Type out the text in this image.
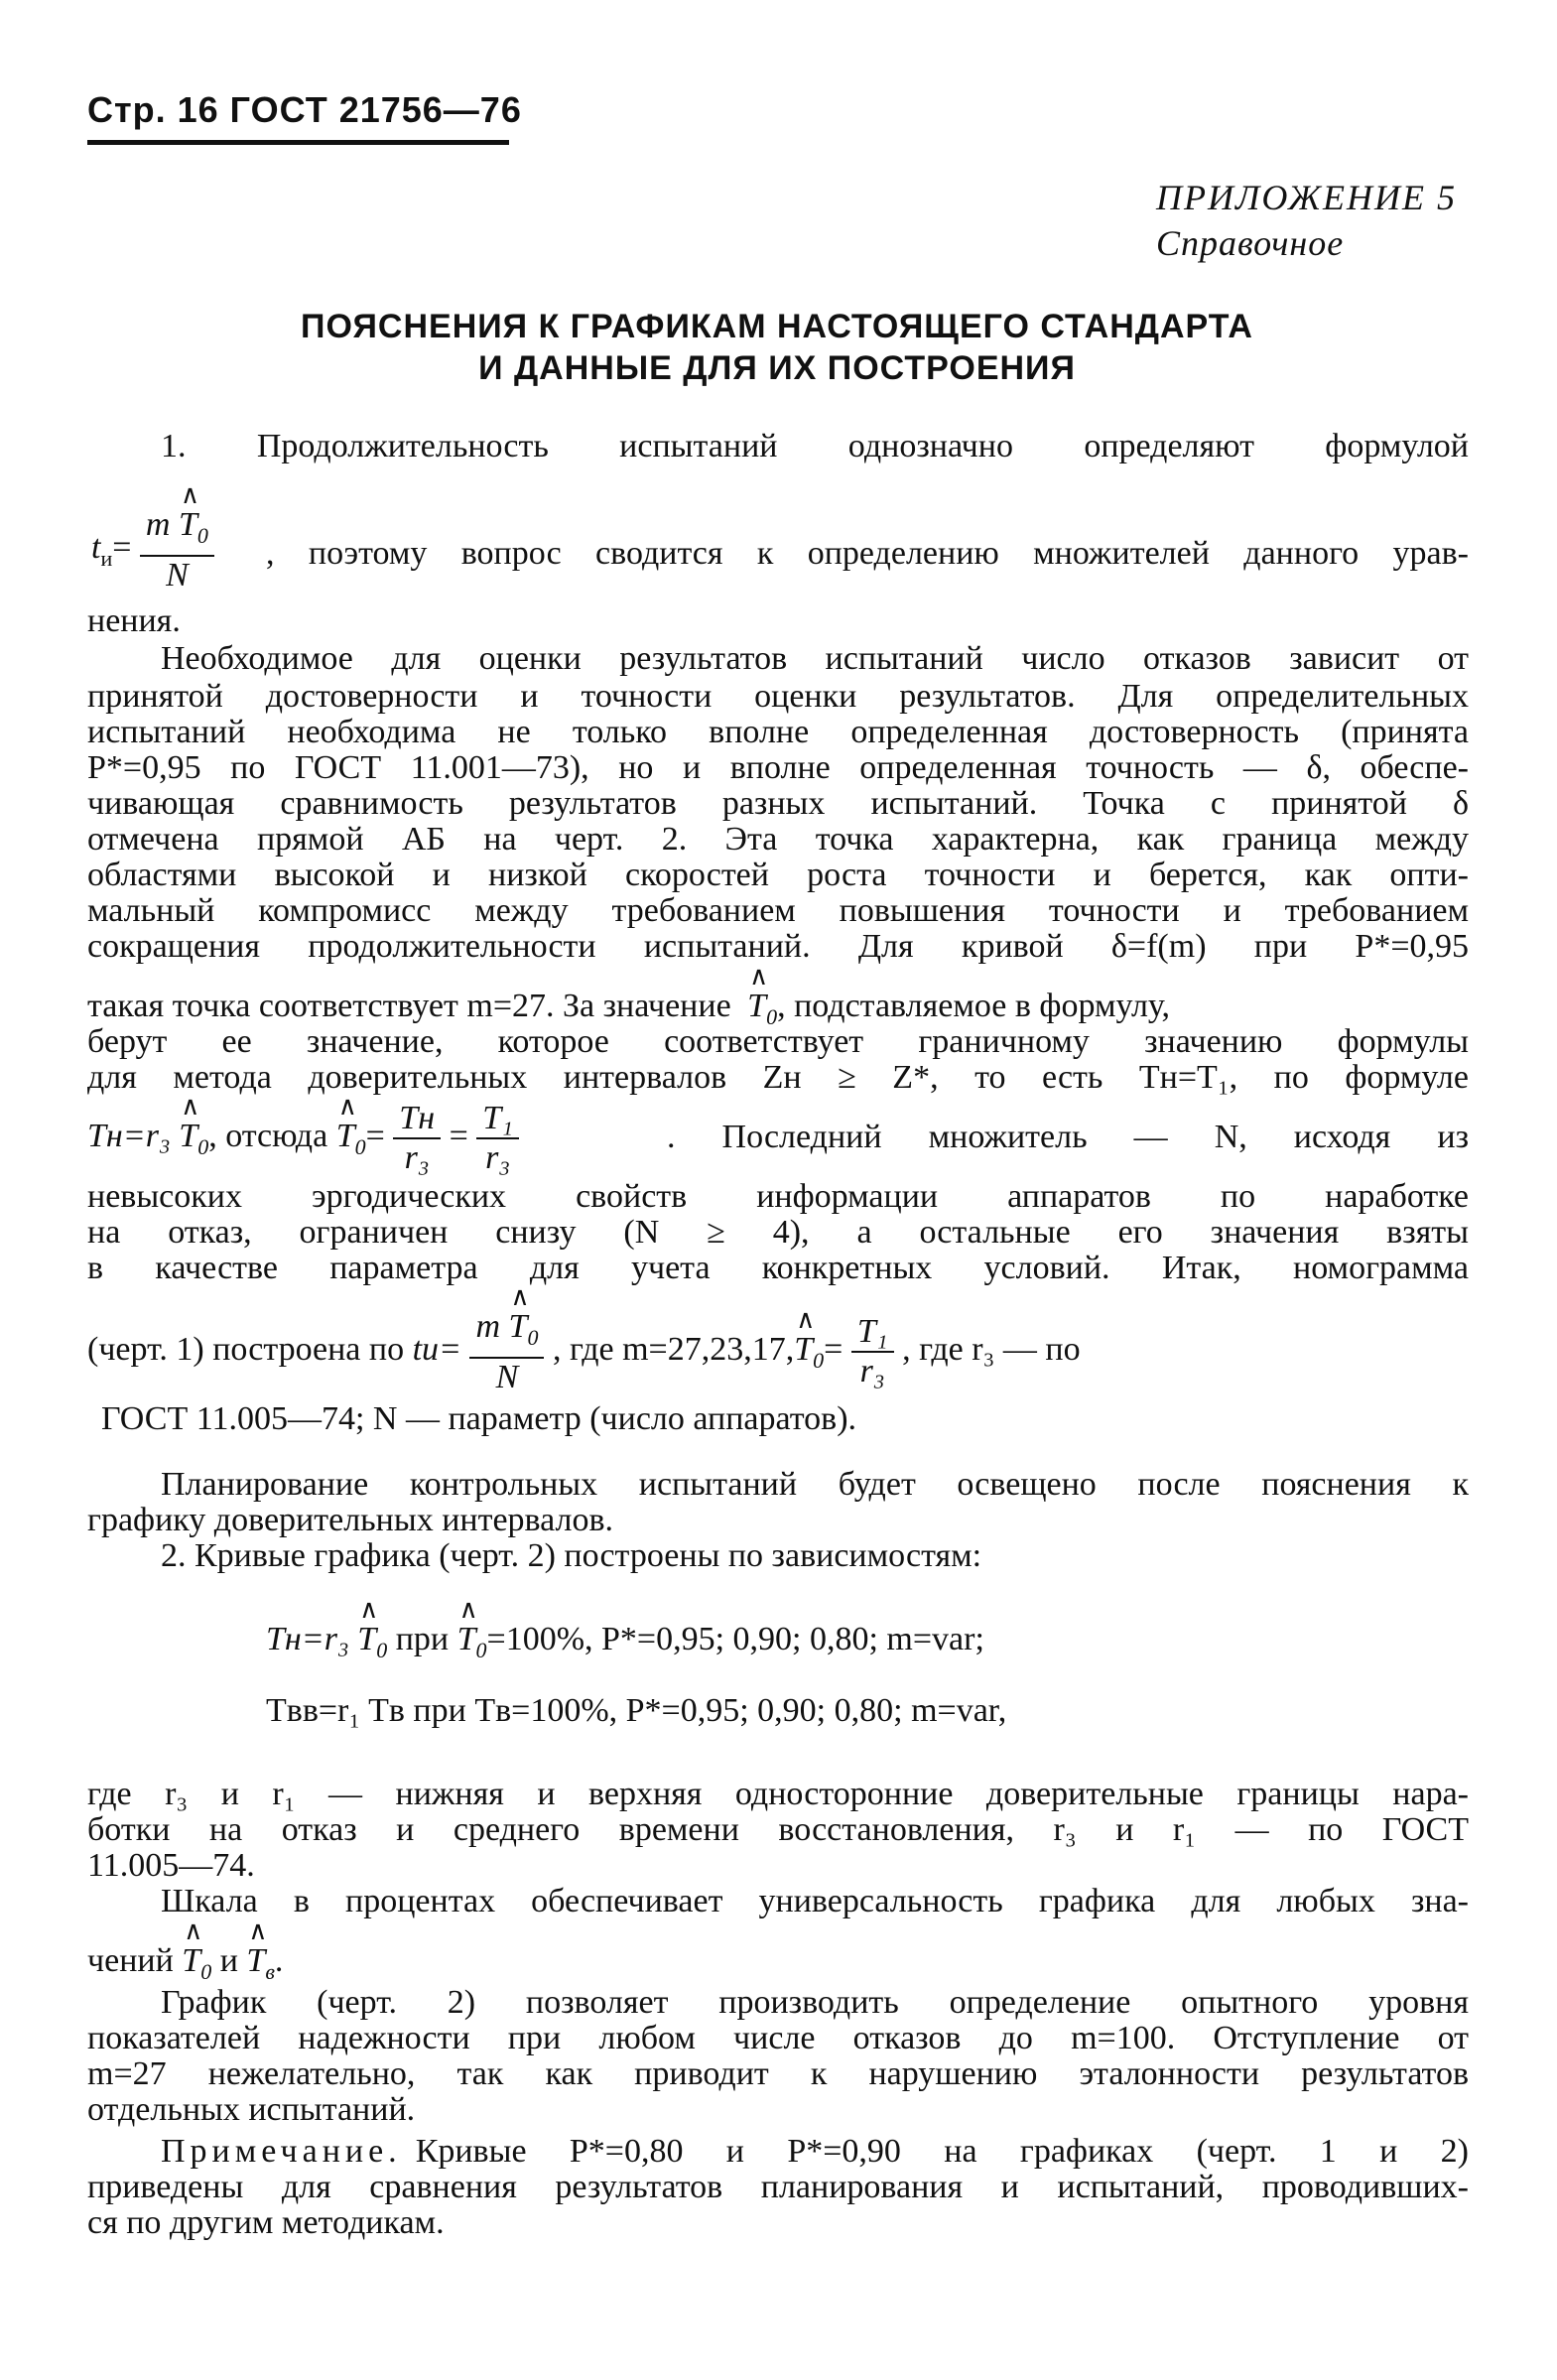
Стр. 16 ГОСТ 21756—76
ПРИЛОЖЕНИЕ 5
Справочное
ПОЯСНЕНИЯ К ГРАФИКАМ НАСТОЯЩЕГО СТАНДАРТА
И ДАННЫЕ ДЛЯ ИХ ПОСТРОЕНИЯ
1. Продолжительность испытаний однозначно определяют формулой
$t_и= \frac{m \wedge T_0}{N}$ , поэтому вопрос сводится к определению множителей данного урав-
нения.
Необходимое для оценки результатов испытаний число отказов зависит от
принятой достоверности и точности оценки результатов. Для определительных
испытаний необходима не только вполне определенная достоверность (принята
P*=0,95 по ГОСТ 11.001—73), но и вполне определенная точность — δ, обеспе-
чивающая сравнимость результатов разных испытаний. Точка с принятой δ
отмечена прямой АБ на черт. 2. Эта точка характерна, как граница между
областями высокой и низкой скоростей роста точности и берется, как опти-
мальный компромисс между требованием повышения точности и требованием
сокращения продолжительности испытаний. Для кривой δ=f(m) при P*=0,95
такая точка соответствует m=27. За значение ∧ $T_0$, подставляемое в формулу,
берут ее значение, которое соответствует граничному значению формулы
для метода доверительных интервалов Zн ≥ Z*, то есть Tн=T₁, по формуле
Tн=r₃ ∧ $T_0$, отсюда ∧ $T_0= \frac{Tн}{\text{r₃}} = \frac{\text{T₁}}{\text{r₃}}$	. Последний множитель — N, исходя из
невысоких эргодических свойств информации аппаратов по наработке
на отказ, ограничен снизу (N ≥ 4), а остальные его значения взяты
в качестве параметра для учета конкретных условий. Итак, номограмма
(черт. 1) построена по $tи= \frac{m \wedge T_0}{N}$ , где m=27,23,17,∧ $T_0= \frac{\text{T₁}}{\text{r₃}}$ , где r₃ — по
ГОСТ 11.005—74; N — параметр (число аппаратов).
Планирование контрольных испытаний будет освещено после пояснения к
графику доверительных интервалов.
2. Кривые графика (черт. 2) построены по зависимостям:
Tн=r₃ ∧ $T_0$ при ∧ $T_0=100\%$, P*=0,95; 0,90; 0,80; m=var;
Tвв=r₁ Tв при Tв=100%, P*=0,95; 0,90; 0,80; m=var,
где r₃ и r₁ — нижняя и верхняя односторонние доверительные границы нара-
ботки на отказ и среднего времени восстановления, r₃ и r₁ — по ГОСТ
11.005—74.
Шкала в процентах обеспечивает универсальность графика для любых зна-
чений ∧ $T_0$ и ∧ $T_в$.
График (черт. 2) позволяет производить определение опытного уровня
показателей надежности при любом числе отказов до m=100. Отступление от
m=27 нежелательно, так как приводит к нарушению эталонности результатов
отдельных испытаний.
Примечание. Кривые P*=0,80 и P*=0,90 на графиках (черт. 1 и 2)
приведены для сравнения результатов планирования и испытаний, проводивших-
ся по другим методикам.
